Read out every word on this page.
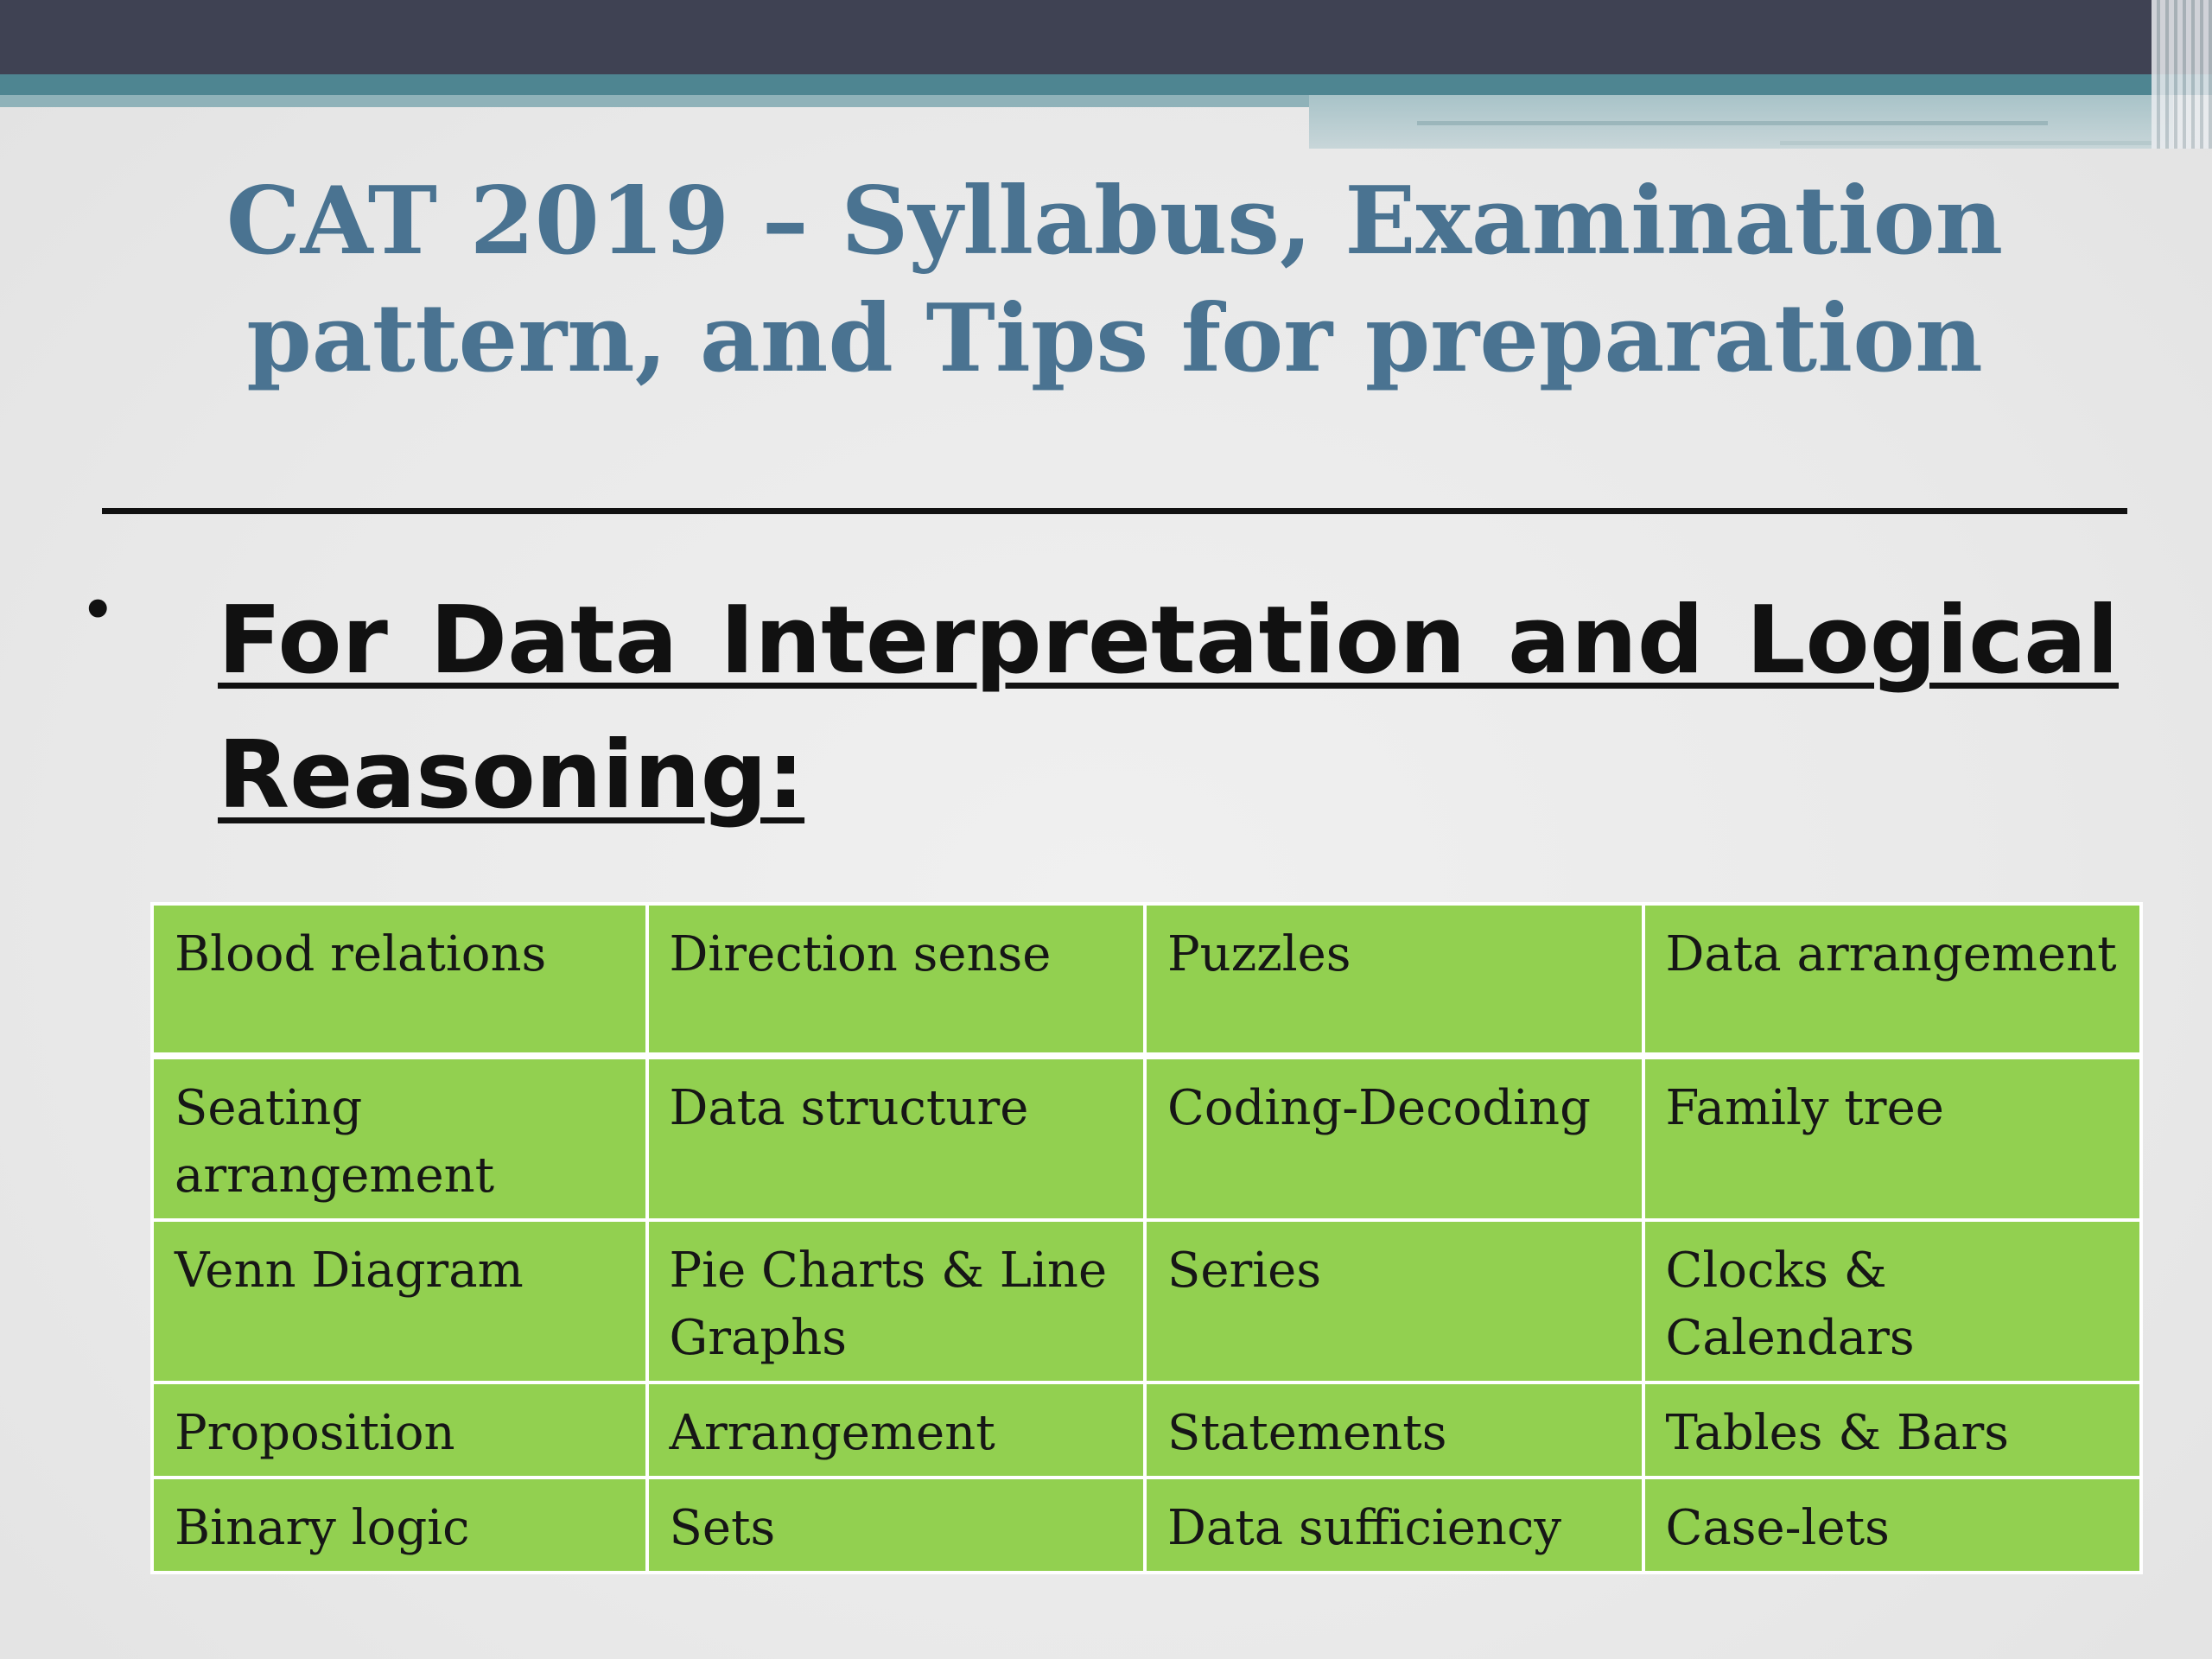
CAT 2019 – Syllabus, Examination pattern, and Tips for preparation
• For Data Interpretation and Logical Reasoning:
Blood relations	Direction sense	Puzzles	Data arrangement
Seating arrangement	Data structure	Coding-Decoding	Family tree
Venn Diagram	Pie Charts & Line Graphs	Series	Clocks & Calendars
Proposition	Arrangement	Statements	Tables & Bars
Binary logic	Sets	Data sufficiency	Case-lets
